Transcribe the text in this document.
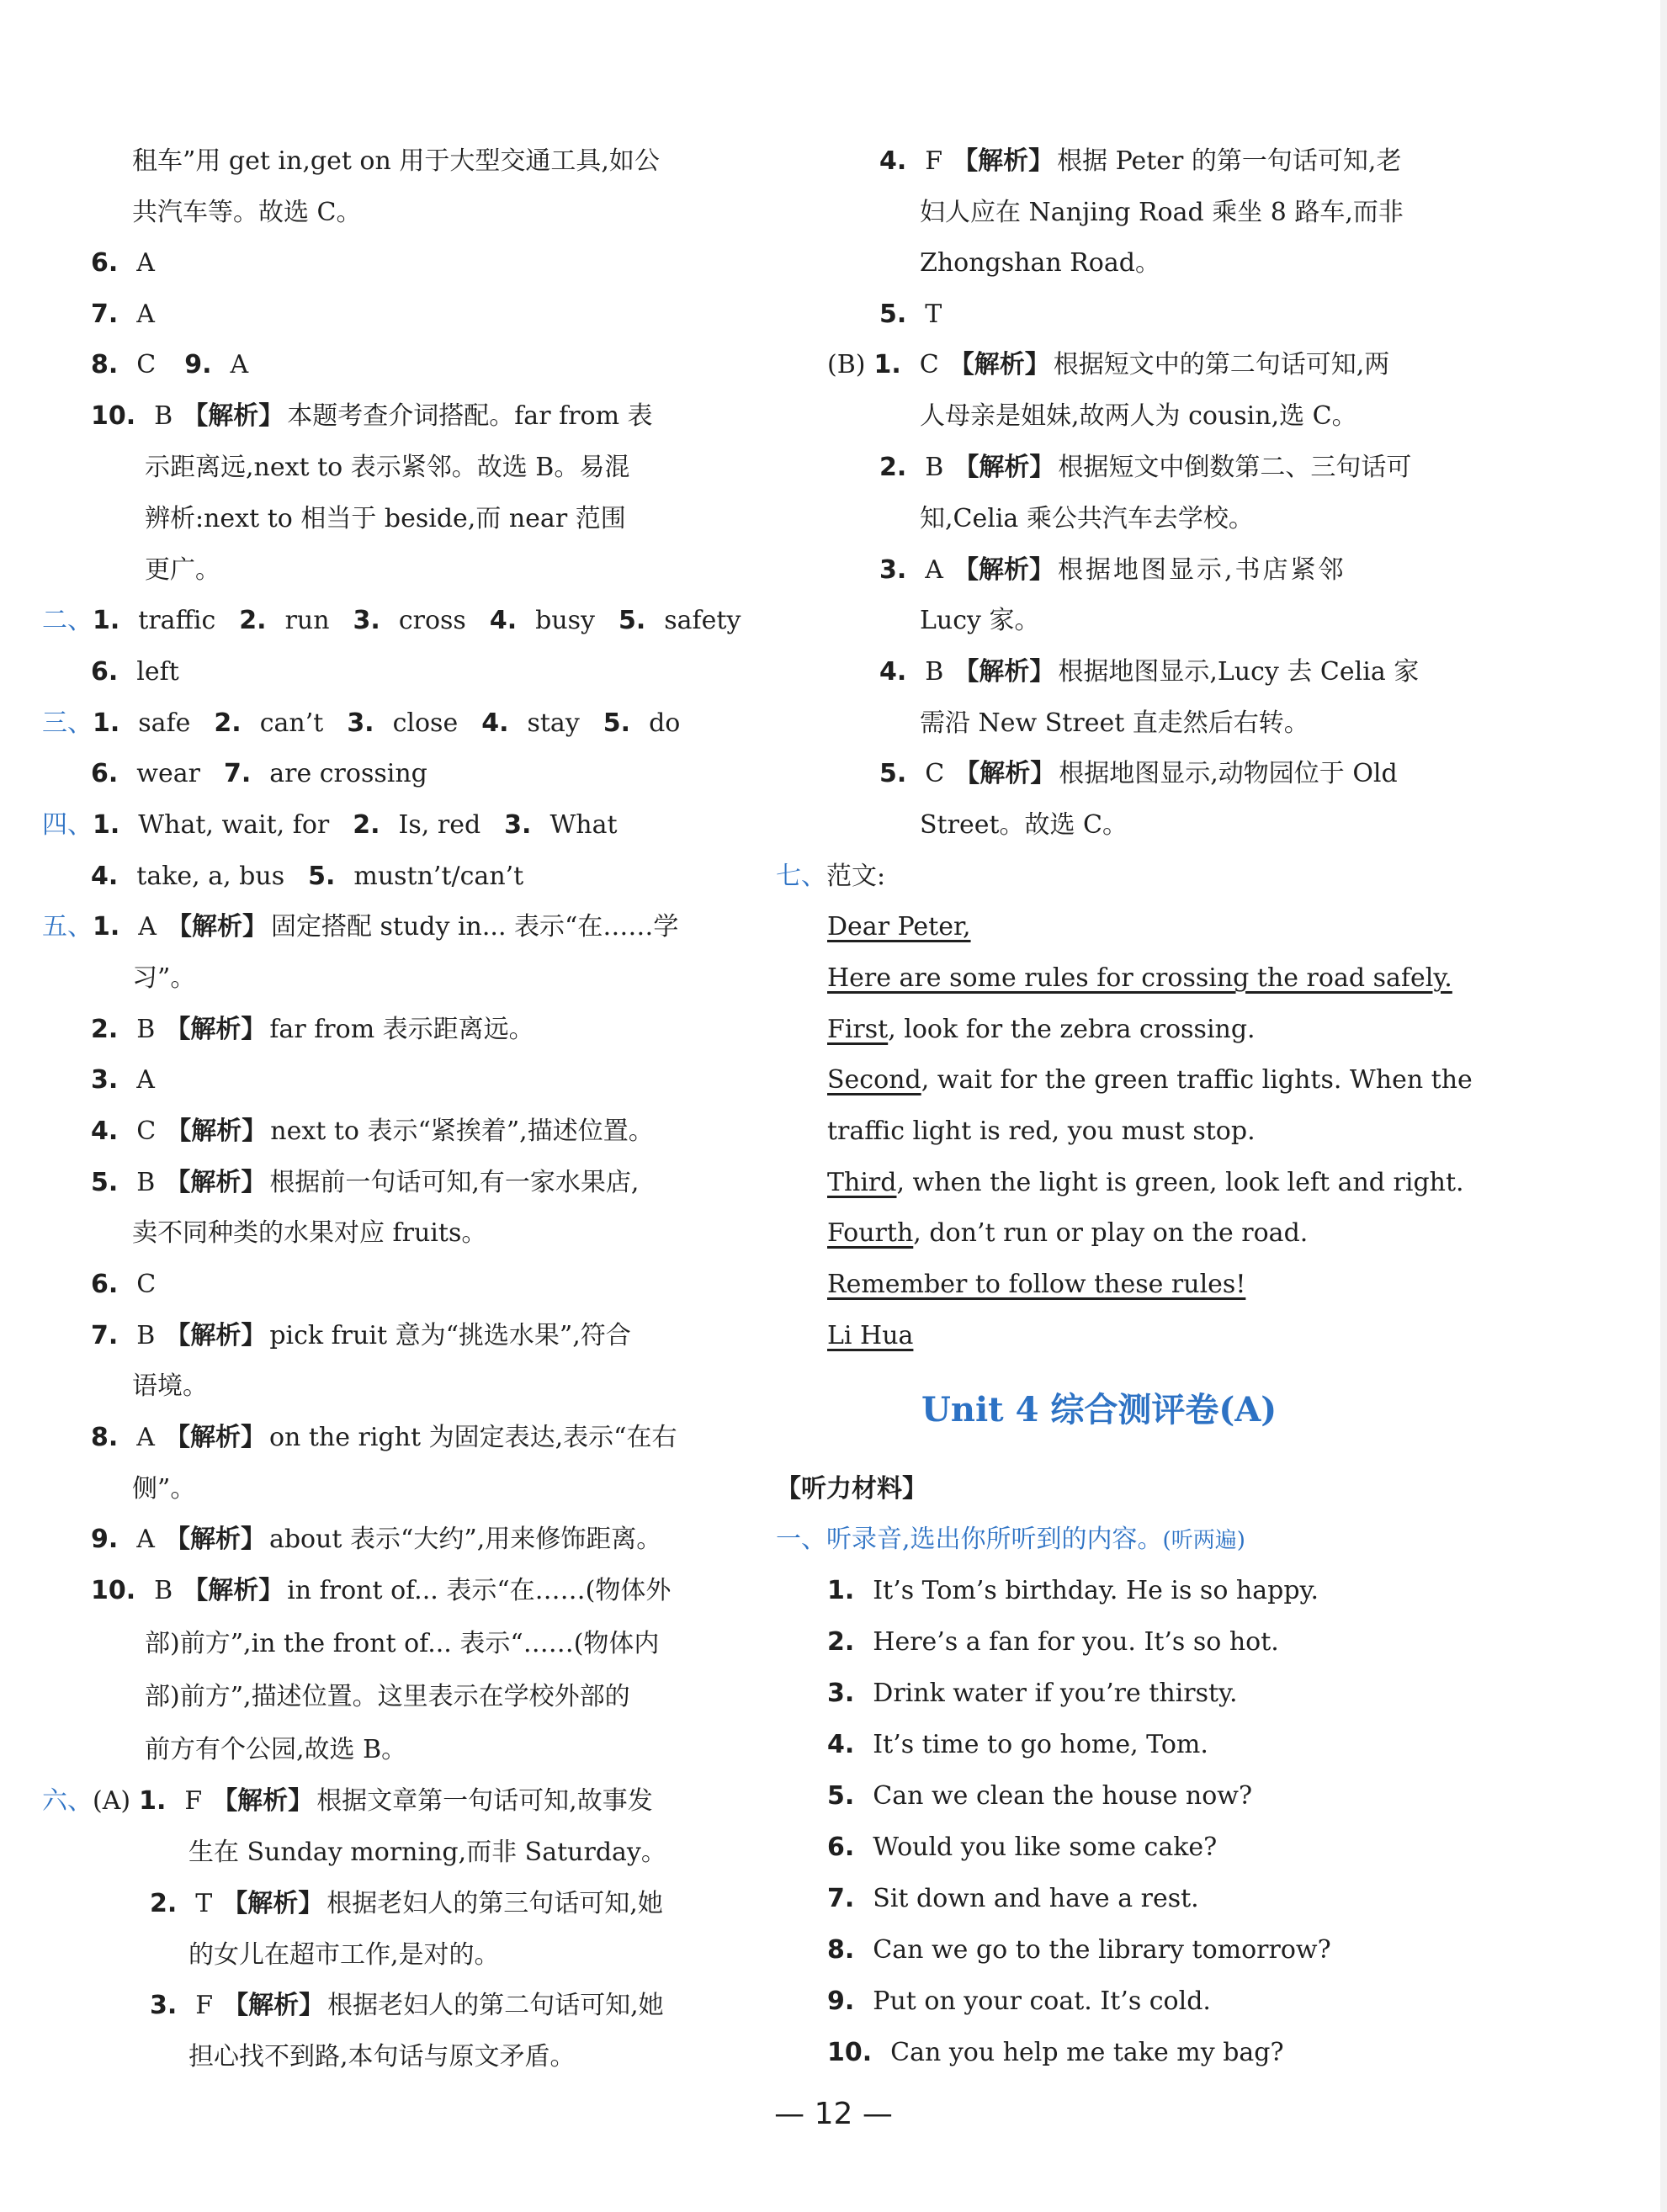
租车”用 get in,get on 用于大型交通工具,如公
共汽车等。故选 C。
6. A
7. A
8. C 9. A
10. B 【解析】 本题考查介词搭配。far from 表
示距离远,next to 表示紧邻。故选 B。易混
辨析:next to 相当于 beside,而 near 范围
更广。
二、1. traffic 2. run 3. cross 4. busy 5. safety
6. left
三、1. safe 2. can’t 3. close 4. stay 5. do
6. wear 7. are crossing
四、1. What, wait, for 2. Is, red 3. What
4. take, a, bus 5. mustn’t/can’t
五、1. A 【解析】 固定搭配 study in... 表示“在……学
习”。
2. B 【解析】 far from 表示距离远。
3. A
4. C 【解析】 next to 表示“紧挨着”,描述位置。
5. B 【解析】 根据前一句话可知,有一家水果店,
卖不同种类的水果对应 fruits。
6. C
7. B 【解析】 pick fruit 意为“挑选水果”,符合
语境。
8. A 【解析】 on the right 为固定表达,表示“在右
侧”。
9. A 【解析】 about 表示“大约”,用来修饰距离。
10. B 【解析】 in front of... 表示“在……(物体外
部)前方”,in the front of... 表示“……(物体内
部)前方”,描述位置。这里表示在学校外部的
前方有个公园,故选 B。
六、(A) 1. F 【解析】 根据文章第一句话可知,故事发
生在 Sunday morning,而非 Saturday。
2. T 【解析】 根据老妇人的第三句话可知,她
的女儿在超市工作,是对的。
3. F 【解析】 根据老妇人的第二句话可知,她
担心找不到路,本句话与原文矛盾。
4. F 【解析】 根据 Peter 的第一句话可知,老
妇人应在 Nanjing Road 乘坐 8 路车,而非
Zhongshan Road。
5. T
(B) 1. C 【解析】 根据短文中的第二句话可知,两
人母亲是姐妹,故两人为 cousin,选 C。
2. B 【解析】 根据短文中倒数第二、三句话可
知,Celia 乘公共汽车去学校。
3. A 【解析】 根据地图显示,书店紧邻
Lucy 家。
4. B 【解析】 根据地图显示,Lucy 去 Celia 家
需沿 New Street 直走然后右转。
5. C 【解析】 根据地图显示,动物园位于 Old
Street。故选 C。
七、范文:
Dear Peter,
Here are some rules for crossing the road safely.
First, look for the zebra crossing.
Second, wait for the green traffic lights. When the
traffic light is red, you must stop.
Third, when the light is green, look left and right.
Fourth, don’t run or play on the road.
Remember to follow these rules!
Li Hua
Unit 4 综合测评卷(A)
【听力材料】
一、听录音,选出你所听到的内容。(听两遍)
1. It’s Tom’s birthday. He is so happy.
2. Here’s a fan for you. It’s so hot.
3. Drink water if you’re thirsty.
4. It’s time to go home, Tom.
5. Can we clean the house now?
6. Would you like some cake?
7. Sit down and have a rest.
8. Can we go to the library tomorrow?
9. Put on your coat. It’s cold.
10. Can you help me take my bag?
— 12 —
